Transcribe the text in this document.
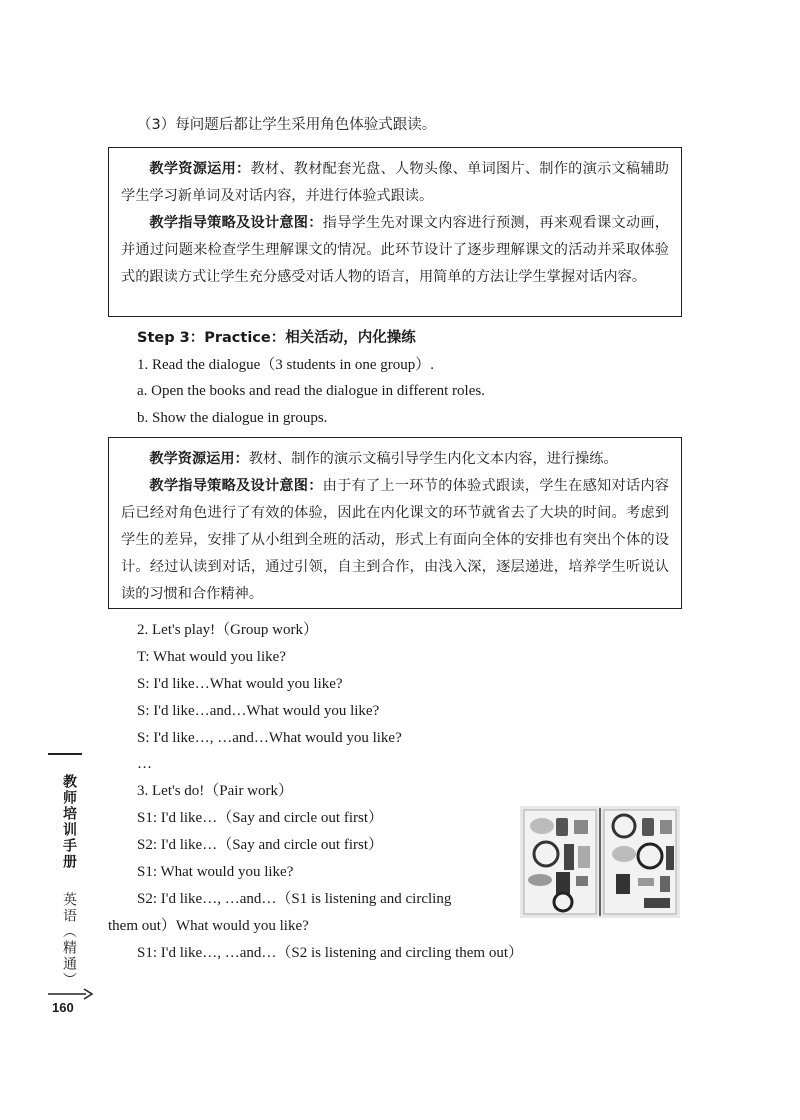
（3）每问题后都让学生采用角色体验式跟读。

教学资源运用：教材、教材配套光盘、人物头像、单词图片、制作的演示文稿辅助学生学习新单词及对话内容，并进行体验式跟读。

教学指导策略及设计意图：指导学生先对课文内容进行预测，再来观看课文动画，并通过问题来检查学生理解课文的情况。此环节设计了逐步理解课文的活动并采取体验式的跟读方式让学生充分感受对话人物的语言，用简单的方法让学生掌握对话内容。

Step 3：Practice：相关活动，内化操练
1. Read the dialogue（3 students in one group）.
a. Open the books and read the dialogue in different roles.
b. Show the dialogue in groups.

教学资源运用：教材、制作的演示文稿引导学生内化文本内容，进行操练。

教学指导策略及设计意图：由于有了上一环节的体验式跟读，学生在感知对话内容后已经对角色进行了有效的体验，因此在内化课文的环节就省去了大块的时间。考虑到学生的差异，安排了从小组到全班的活动，形式上有面向全体的安排也有突出个体的设计。经过认读到对话，通过引领，自主到合作，由浅入深，逐层递进，培养学生听说认读的习惯和合作精神。

2. Let's play!（Group work）
T: What would you like?
S: I'd like…What would you like?
S: I'd like…and…What would you like?
S: I'd like…, …and…What would you like?
…
3. Let's do!（Pair work）
S1: I'd like…（Say and circle out first）
S2: I'd like…（Say and circle out first）
S1: What would you like?
S2: I'd like…, …and…（S1 is listening and circling
them out）What would you like?
S1: I'd like…, …and…（S2 is listening and circling them out）
教师培训手册
英语（精通）
160
